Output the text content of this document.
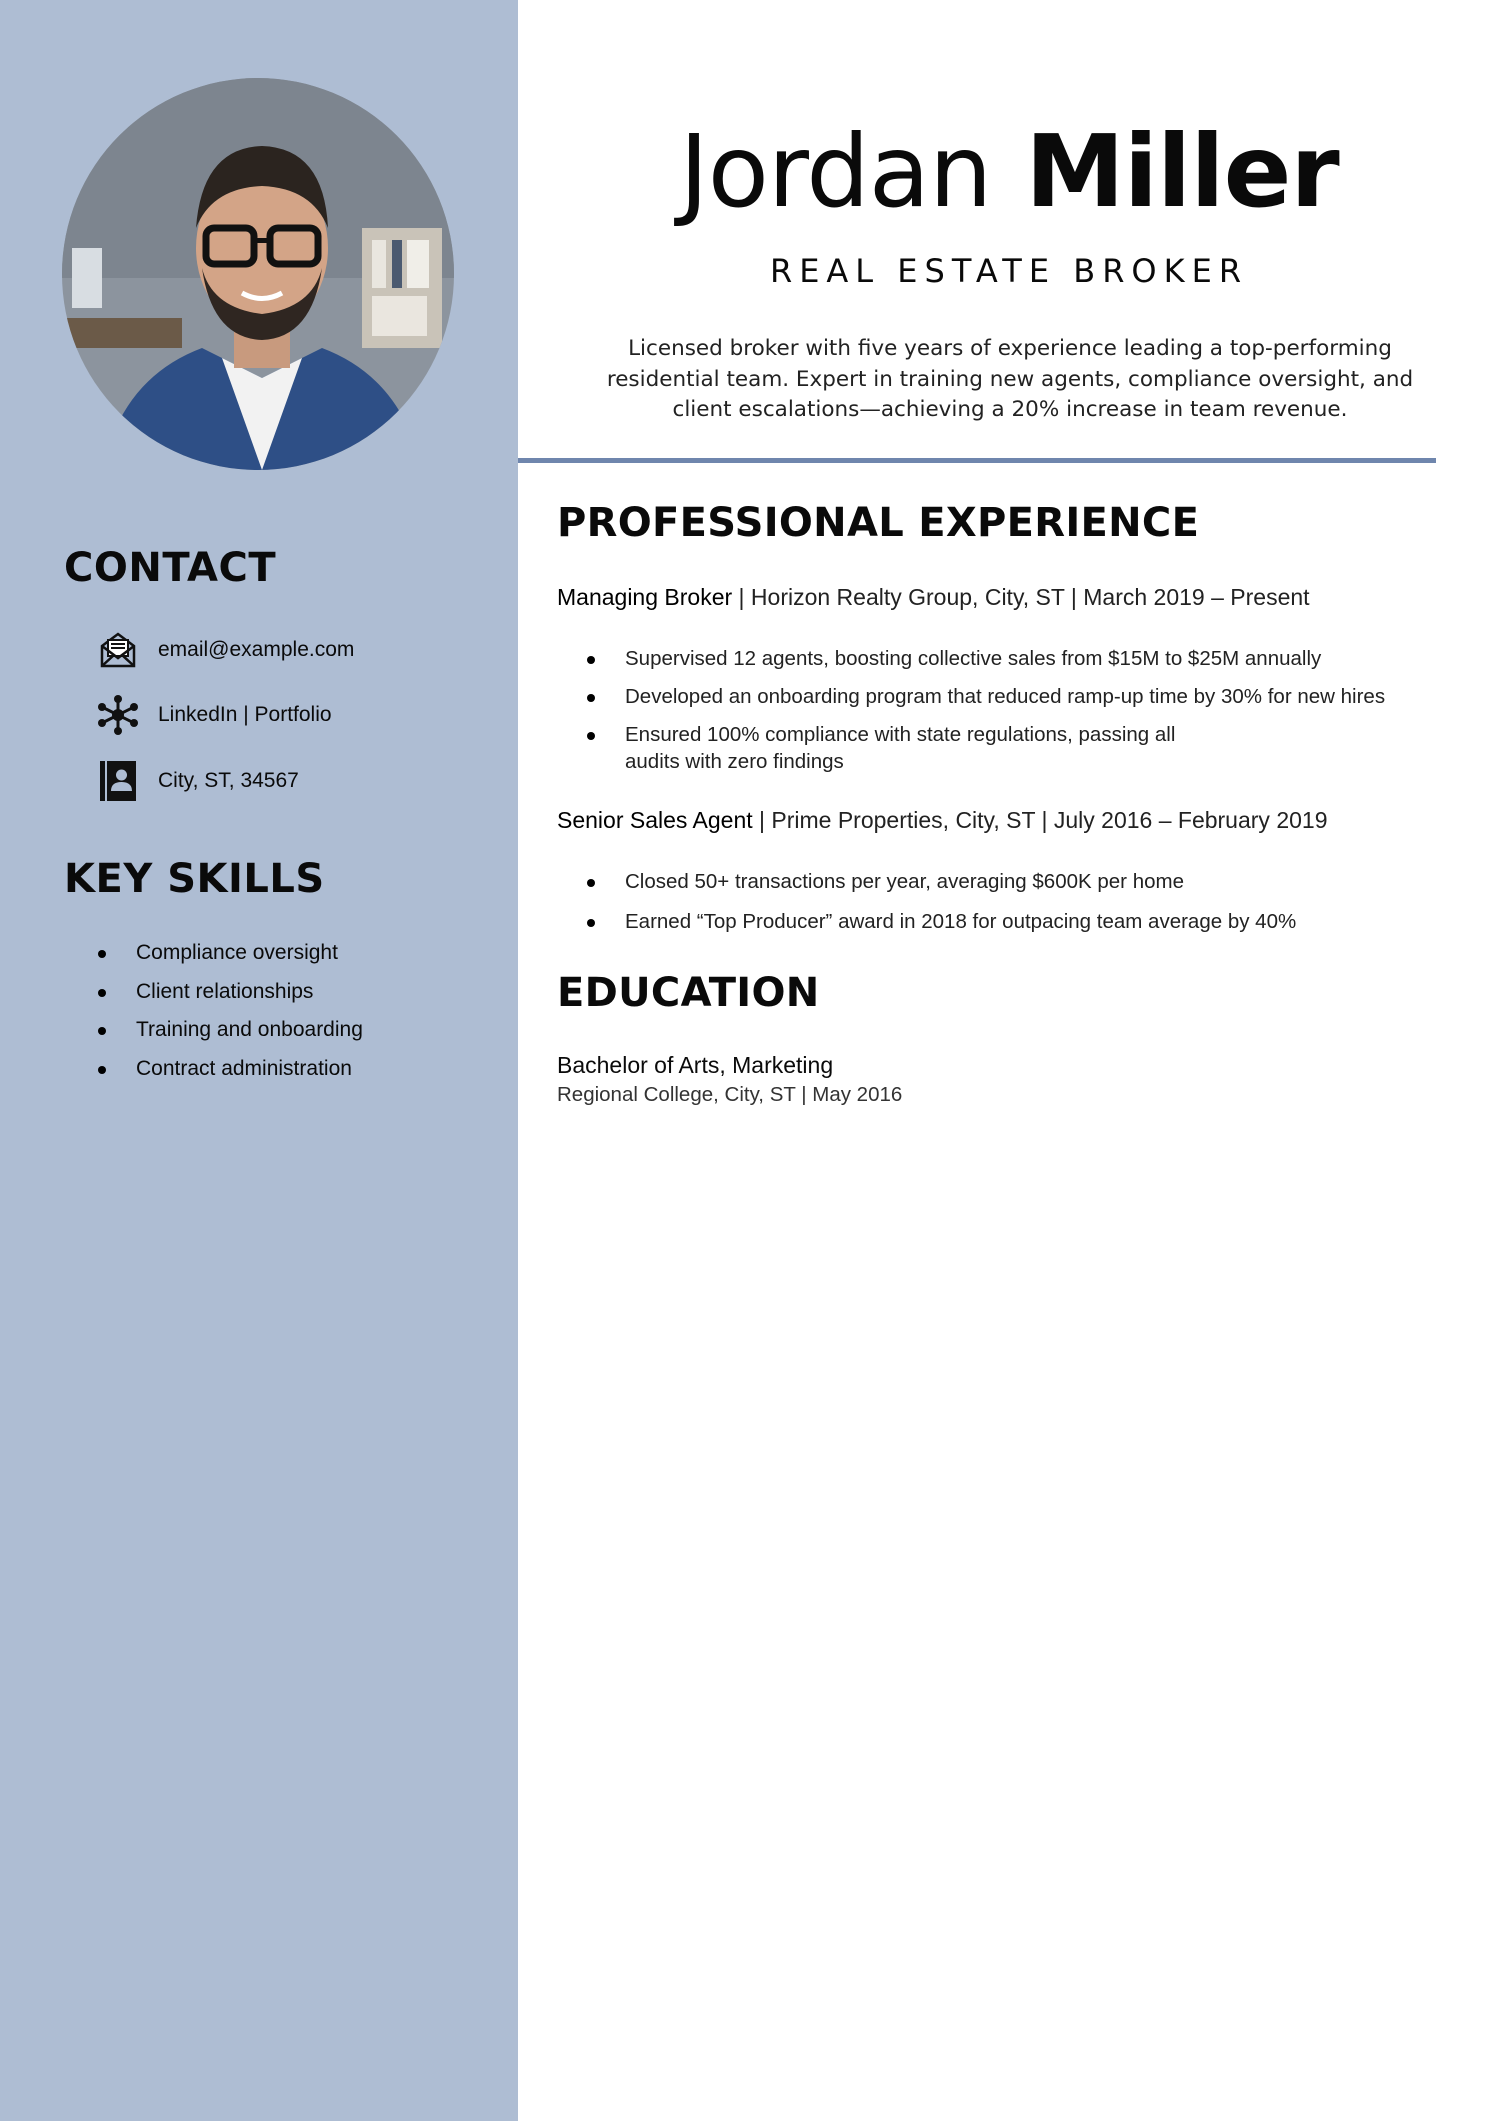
CONTACT
email@example.com
LinkedIn | Portfolio
City, ST, 34567
KEY SKILLS
Compliance oversight
Client relationships
Training and onboarding
Contract administration
Jordan Miller
REAL ESTATE BROKER

Licensed broker with five years of experience leading a top-performing residential team. Expert in training new agents, compliance oversight, and client escalations—achieving a 20% increase in team revenue.

PROFESSIONAL EXPERIENCE
Managing Broker | Horizon Realty Group, City, ST | March 2019 – Present
Supervised 12 agents, boosting collective sales from $15M to $25M annually
Developed an onboarding program that reduced ramp-up time by 30% for new hires
Ensured 100% compliance with state regulations, passing all audits with zero findings
Senior Sales Agent | Prime Properties, City, ST | July 2016 – February 2019
Closed 50+ transactions per year, averaging $600K per home
Earned “Top Producer” award in 2018 for outpacing team average by 40%
EDUCATION
Bachelor of Arts, Marketing
Regional College, City, ST | May 2016
